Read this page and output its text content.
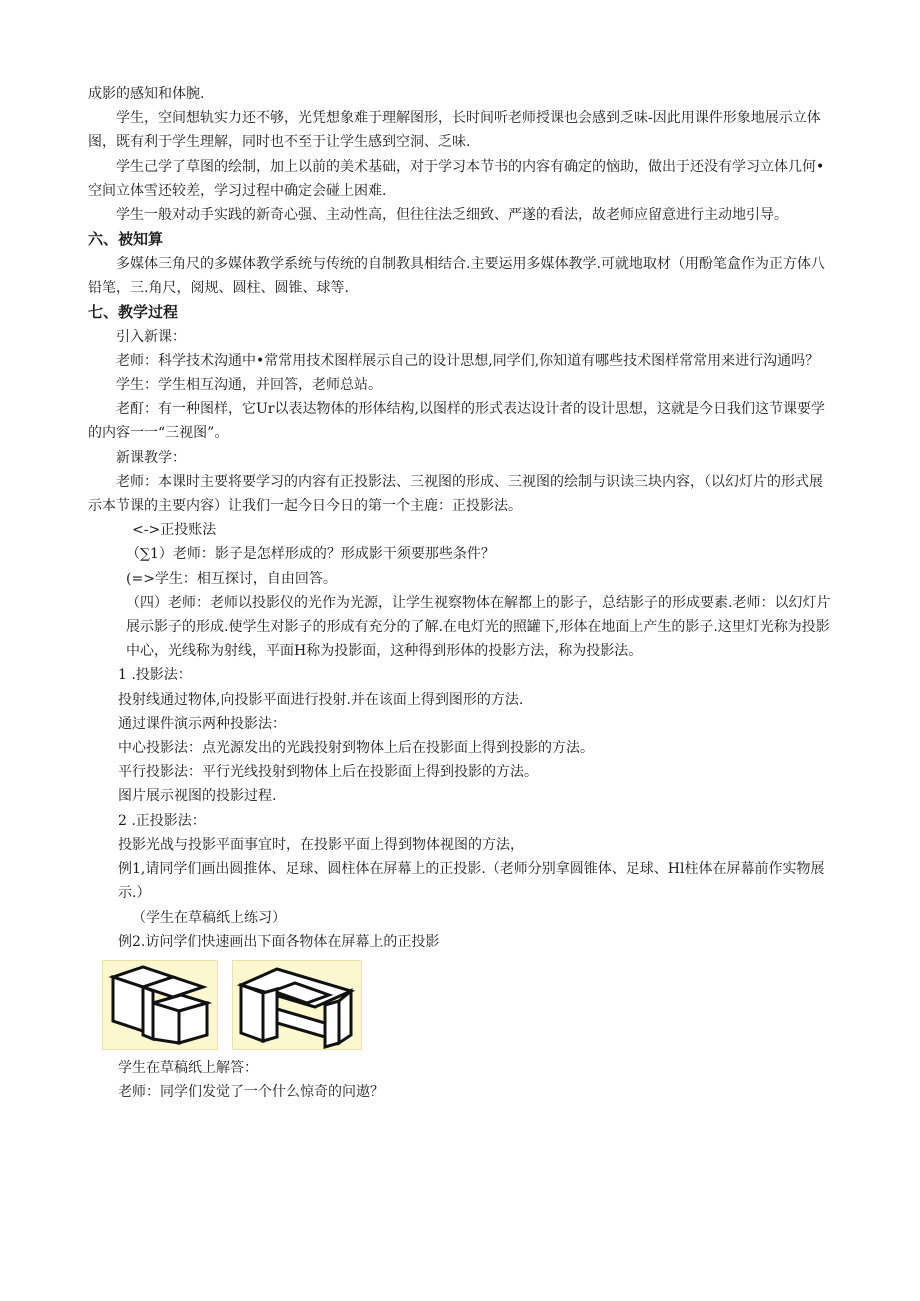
成影的感知和体腕.

学生，空间想轨实力还不够，光凭想象难于理解图形，长时间听老师授课也会感到乏味-因此用课件形象地展示立体图，既有利于学生理解，同时也不至于让学生感到空洞、乏味.

学生己学了草图的绘制，加上以前的美术基础，对于学习本节书的内容有确定的恼助，做出于还没有学习立体几何•空间立体雪还较差，学习过程中确定会碰上困难.

学生一般对动手实践的新奇心强、主动性高，但往往法乏细致、严遂的看法，故老师应留意进行主动地引导。

六、被知算

多媒体三角尺的多媒体教学系统与传统的自制教具相结合.主要运用多媒体教学.可就地取材（用酚笔盒作为正方体八铅笔，三.角尺，阅规、圆柱、圆锥、球等.

七、教学过程

引入新课：

老师：科学技术沟通中•常常用技术图样展示自己的设计思想,同学们,你知道有哪些技术图样常常用来进行沟通吗？

学生：学生相互沟通，并回答，老师总站。

老酊：有一种图样，它Ur以表达物体的形体结构,以图样的形式表达设计者的设计思想，这就是今日我们这节课要学的内容一一“三视图”。

新课教学：

老师：本课时主要将要学习的内容有正投影法、三视图的形成、三视图的绘制与识读三块内容，（以幻灯片的形式展示本节课的主要内容）让我们一起今日今日的第一个主鹿：正投影法。

<->正投账法

（∑1）老师：影子是怎样形成的？形成影干须要那些条件？

(=>学生：相互探讨，自由回答。

（四）老师：老师以投影仪的光作为光源，让学生视察物体在解都上的影子，总结影子的形成要素.老师：以幻灯片展示影子的形成.使学生对影子的形成有充分的了解.在电灯光的照罐下,形体在地面上产生的影子.这里灯光称为投影中心，光线称为射线，平面H称为投影面，这种得到形体的投影方法，称为投影法。

1 .投影法：

投射线通过物体,向投影平面进行投射.并在该面上得到图形的方法.

通过课件演示两种投影法：

中心投影法：点光源发出的光践投射到物体上后在投影面上得到投影的方法。

平行投影法：平行光线投射到物体上后在投影面上得到投影的方法。

图片展示视图的投影过程.

2 .正投影法：

投影光战与投影平面事宜时，在投影平面上得到物体视图的方法，

例1,请同学们画出圆推体、足球、圆柱体在屏幕上的正投影.（老师分别拿圆锥体、足球、Hl柱体在屏幕前作实物展示.）

（学生在草稿纸上练习）

例2.访问学们快速画出下面各物体在屏幕上的正投影

学生在草稿纸上解答：

老师：同学们发觉了一个什么惊奇的问遨？
